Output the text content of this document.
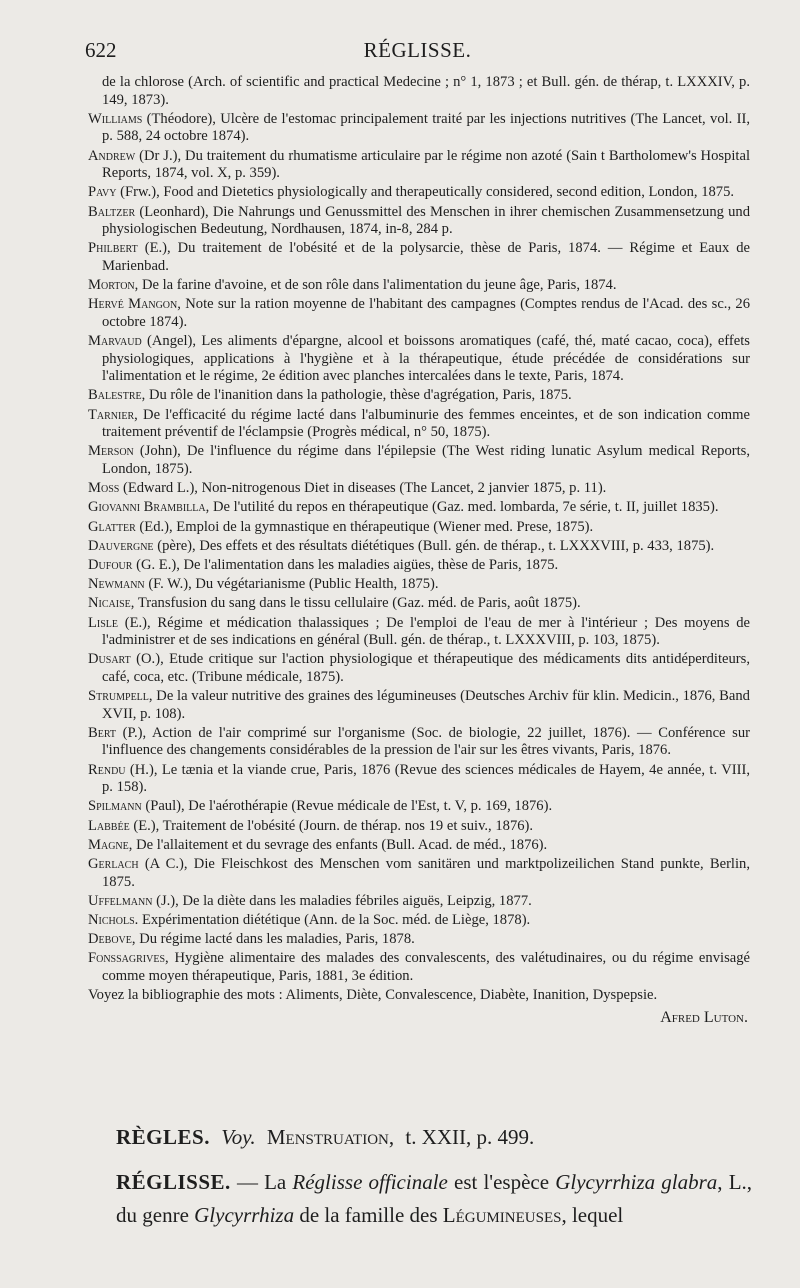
622	RÉGLISSE.

de la chlorose (Arch. of scientific and practical Medecine ; n° 1, 1873 ; et Bull. gén. de thérap, t. LXXXIV, p. 149, 1873).

Williams (Théodore), Ulcère de l'estomac principalement traité par les injections nutritives (The Lancet, vol. II, p. 588, 24 octobre 1874).

Andrew (Dr J.), Du traitement du rhumatisme articulaire par le régime non azoté (Sain t Bartholomew's Hospital Reports, 1874, vol. X, p. 359).

Pavy (Frw.), Food and Dietetics physiologically and therapeutically considered, second edition, London, 1875.

Baltzer (Leonhard), Die Nahrungs und Genussmittel des Menschen in ihrer chemischen Zusammensetzung und physiologischen Bedeutung, Nordhausen, 1874, in-8, 284 p.

Philbert (E.), Du traitement de l'obésité et de la polysarcie, thèse de Paris, 1874. — Régime et Eaux de Marienbad.

Morton, De la farine d'avoine, et de son rôle dans l'alimentation du jeune âge, Paris, 1874.

Hervé Mangon, Note sur la ration moyenne de l'habitant des campagnes (Comptes rendus de l'Acad. des sc., 26 octobre 1874).

Marvaud (Angel), Les aliments d'épargne, alcool et boissons aromatiques (café, thé, maté cacao, coca), effets physiologiques, applications à l'hygiène et à la thérapeutique, étude précédée de considérations sur l'alimentation et le régime, 2e édition avec planches intercalées dans le texte, Paris, 1874.

Balestre, Du rôle de l'inanition dans la pathologie, thèse d'agrégation, Paris, 1875.

Tarnier, De l'efficacité du régime lacté dans l'albuminurie des femmes enceintes, et de son indication comme traitement préventif de l'éclampsie (Progrès médical, n° 50, 1875).

Merson (John), De l'influence du régime dans l'épilepsie (The West riding lunatic Asylum medical Reports, London, 1875).

Moss (Edward L.), Non-nitrogenous Diet in diseases (The Lancet, 2 janvier 1875, p. 11).

Giovanni Brambilla, De l'utilité du repos en thérapeutique (Gaz. med. lombarda, 7e série, t. II, juillet 1835).

Glatter (Ed.), Emploi de la gymnastique en thérapeutique (Wiener med. Prese, 1875).

Dauvergne (père), Des effets et des résultats diététiques (Bull. gén. de thérap., t. LXXXVIII, p. 433, 1875).

Dufour (G. E.), De l'alimentation dans les maladies aigües, thèse de Paris, 1875.

Newmann (F. W.), Du végétarianisme (Public Health, 1875).

Nicaise, Transfusion du sang dans le tissu cellulaire (Gaz. méd. de Paris, août 1875).

Lisle (E.), Régime et médication thalassiques ; De l'emploi de l'eau de mer à l'intérieur ; Des moyens de l'administrer et de ses indications en général (Bull. gén. de thérap., t. LXXXVIII, p. 103, 1875).

Dusart (O.), Etude critique sur l'action physiologique et thérapeutique des médicaments dits antidéperditeurs, café, coca, etc. (Tribune médicale, 1875).

Strumpell, De la valeur nutritive des graines des légumineuses (Deutsches Archiv für klin. Medicin., 1876, Band XVII, p. 108).

Bert (P.), Action de l'air comprimé sur l'organisme (Soc. de biologie, 22 juillet, 1876). — Conférence sur l'influence des changements considérables de la pression de l'air sur les êtres vivants, Paris, 1876.

Rendu (H.), Le tænia et la viande crue, Paris, 1876 (Revue des sciences médicales de Hayem, 4e année, t. VIII, p. 158).

Spilmann (Paul), De l'aérothérapie (Revue médicale de l'Est, t. V, p. 169, 1876).

Labbée (E.), Traitement de l'obésité (Journ. de thérap. nos 19 et suiv., 1876).

Magne, De l'allaitement et du sevrage des enfants (Bull. Acad. de méd., 1876).

Gerlach (A C.), Die Fleischkost des Menschen vom sanitären und marktpolizeilichen Stand punkte, Berlin, 1875.

Uffelmann (J.), De la diète dans les maladies fébriles aiguës, Leipzig, 1877.

Nichols. Expérimentation diététique (Ann. de la Soc. méd. de Liège, 1878).

Debove, Du régime lacté dans les maladies, Paris, 1878.

Fonssagrives, Hygiène alimentaire des malades des convalescents, des valétudinaires, ou du régime envisagé comme moyen thérapeutique, Paris, 1881, 3e édition.

Voyez la bibliographie des mots : Aliments, Diète, Convalescence, Diabète, Inanition, Dyspepsie.

Afred Luton.
RÈGLES. Voy. Menstruation, t. XXII, p. 499.
RÉGLISSE. — La Réglisse officinale est l'espèce Glycyrrhiza glabra, L., du genre Glycyrrhiza de la famille des Légumineuses, lequel
